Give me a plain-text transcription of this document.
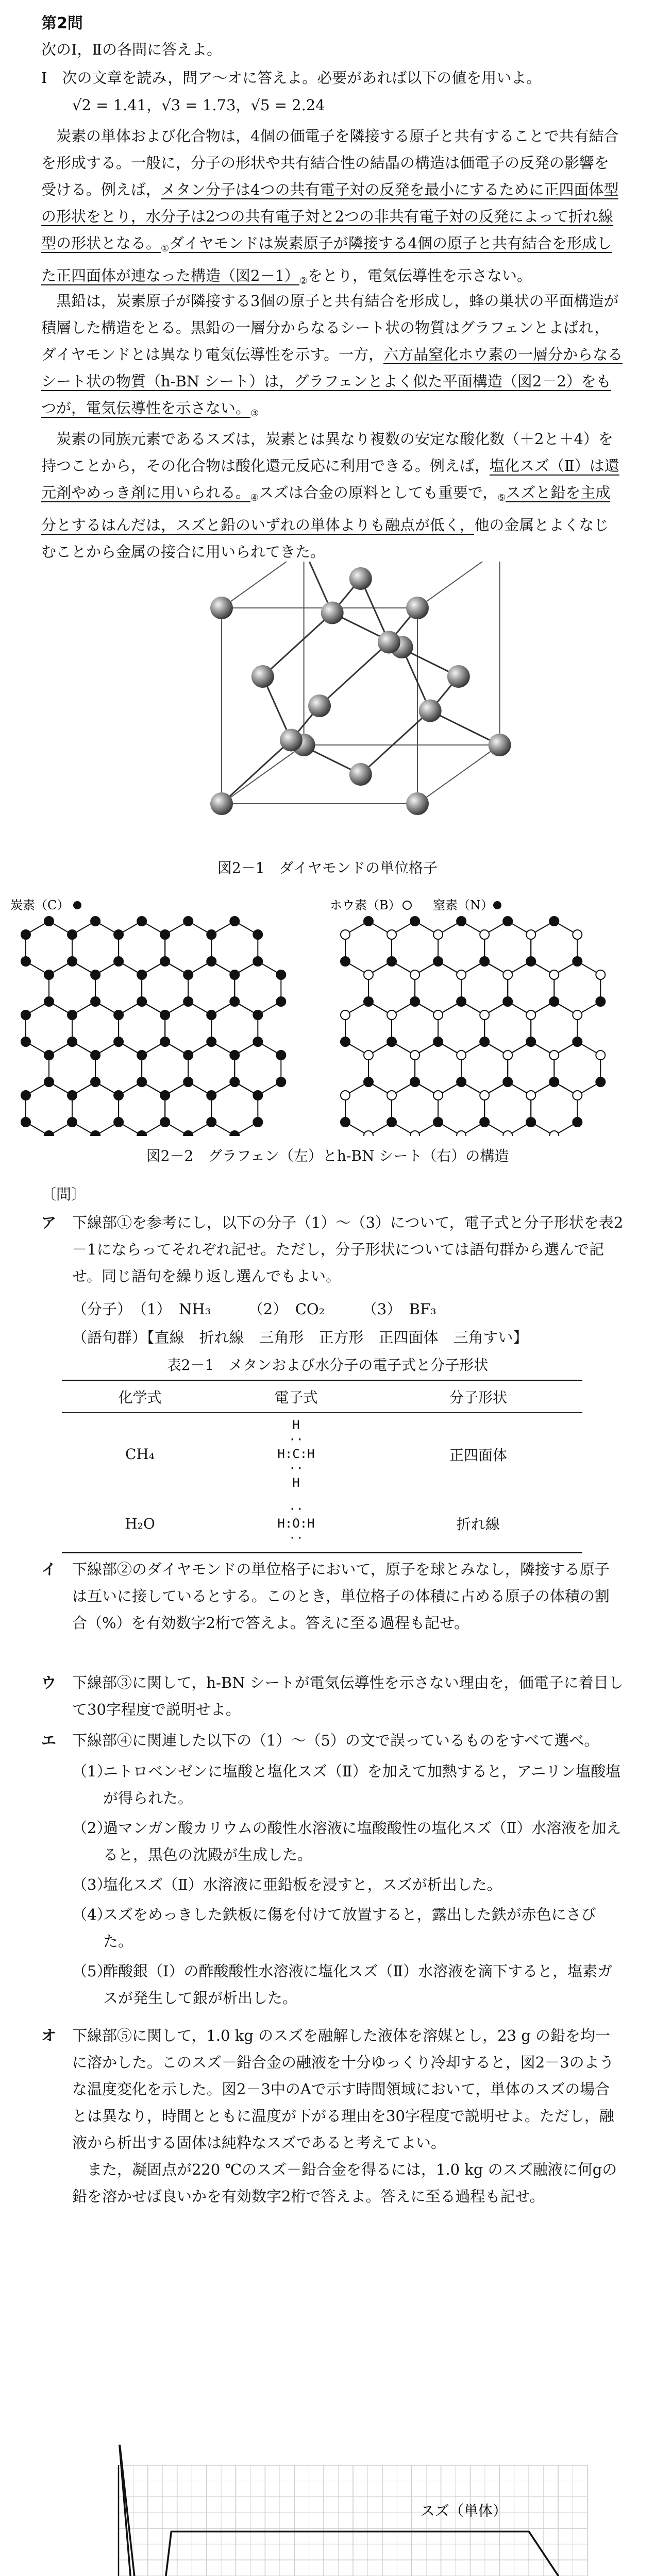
第2問
次のⅠ，Ⅱの各問に答えよ。
Ⅰ　次の文章を読み，問ア～オに答えよ。必要があれば以下の値を用いよ。
√2 = 1.41，√3 = 1.73，√5 = 2.24
炭素の単体および化合物は，4個の価電子を隣接する原子と共有することで共有結合を形成する。一般に，分子の形状や共有結合性の結晶の構造は価電子の反発の影響を受ける。例えば，メタン分子は4つの共有電子対の反発を最小にするために正四面体型の形状をとり，水分子は2つの共有電子対と2つの非共有電子対の反発によって折れ線型の形状となる。$_①$ダイヤモンドは炭素原子が隣接する4個の原子と共有結合を形成した正四面体が連なった構造（図$2-1)_②$をとり，電気伝導性を示さない。
黒鉛は，炭素原子が隣接する3個の原子と共有結合を形成し，蜂の巣状の平面構造が積層した構造をとる。黒鉛の一層分からなるシート状の物質はグラフェンとよばれ，ダイヤモンドとは異なり電気伝導性を示す。一方，六方晶窒化ホウ素の一層分からなるシート状の物質（h-BN シート）は，グラフェンとよく似た平面構造（図2－2）をもつが，電気伝導性を示さない。$_③$
炭素の同族元素であるスズは，炭素とは異なり複数の安定な酸化数（＋2と＋4）を持つことから，その化合物は酸化還元反応に利用できる。例えば，塩化スズ（Ⅱ）は還元剤やめっき剤に用いられる。$_④$スズは合金の原料としても重要で，$_⑤$スズと鉛を主成分とするはんだは，スズと鉛のいずれの単体よりも融点が低く，他の金属とよくなじむことから金属の接合に用いられてきた。
図2－1　ダイヤモンドの単位格子
炭素（C）	ホウ素（B）	窒素（N）
図2－2　グラフェン（左）とh-BN シート（右）の構造
〔問〕
ア 下線部①を参考にし，以下の分子（1）～（3）について，電子式と分子形状を表2－1にならってそれぞれ記せ。ただし，分子形状については語句群から選んで記せ。同じ語句を繰り返し選んでもよい。
（分子）　（1）　NH₃　　　（2）　CO₂　　　（3）　BF₃
（語句群）【直線　折れ線　三角形　正方形　正四面体　三角すい】
表2－1　メタンおよび水分子の電子式と分子形状
化学式	電子式	分子形状
CH₄	H
··
H:C:H
··
H	正四面体
H₂O	··
H:O:H
··	折れ線
イ 下線部②のダイヤモンドの単位格子において，原子を球とみなし，隣接する原子は互いに接しているとする。このとき，単位格子の体積に占める原子の体積の割合（%）を有効数字2桁で答えよ。答えに至る過程も記せ。
ウ 下線部③に関して，h-BN シートが電気伝導性を示さない理由を，価電子に着目して30字程度で説明せよ。
エ 下線部④に関連した以下の（1）～（5）の文で誤っているものをすべて選べ。
（1）
ニトロベンゼンに塩酸と塩化スズ（Ⅱ）を加えて加熱すると，アニリン塩酸塩が得られた。
（2）
過マンガン酸カリウムの酸性水溶液に塩酸酸性の塩化スズ（Ⅱ）水溶液を加えると，黒色の沈殿が生成した。
（3）
塩化スズ（Ⅱ）水溶液に亜鉛板を浸すと，スズが析出した。
（4）
スズをめっきした鉄板に傷を付けて放置すると，露出した鉄が赤色にさびた。
（5）
酢酸銀（Ⅰ）の酢酸酸性水溶液に塩化スズ（Ⅱ）水溶液を滴下すると，塩素ガスが発生して銀が析出した。
オ 下線部⑤に関して，1.0 kg のスズを融解した液体を溶媒とし，23 g の鉛を均一に溶かした。このスズ－鉛合金の融液を十分ゆっくり冷却すると，図2－3のような温度変化を示した。図2－3中のAで示す時間領域において，単体のスズの場合とは異なり，時間とともに温度が下がる理由を30字程度で説明せよ。ただし，融液から析出する固体は純粋なスズであると考えてよい。
また，凝固点が220 ℃のスズ－鉛合金を得るには，1.0 kg のスズ融液に何gの鉛を溶かせば良いかを有効数字2桁で答えよ。答えに至る過程も記せ。
スズ（単体）
